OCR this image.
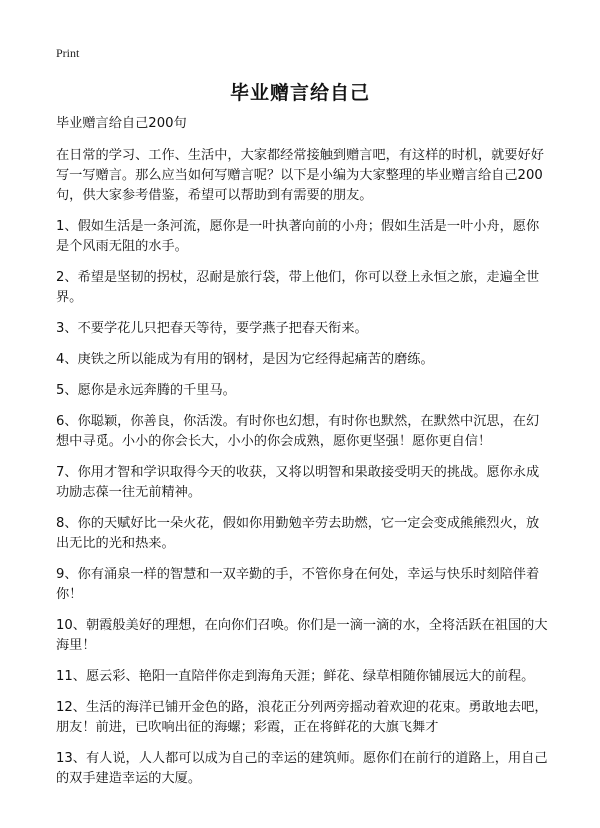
Print
毕业赠言给自己

毕业赠言给自己200句

在日常的学习、工作、生活中，大家都经常接触到赠言吧，有这样的时机，就要好好写一写赠言。那么应当如何写赠言呢？以下是小编为大家整理的毕业赠言给自己200句，供大家参考借鉴，希望可以帮助到有需要的朋友。

1、假如生活是一条河流，愿你是一叶执著向前的小舟；假如生活是一叶小舟，愿你是个风雨无阻的水手。

2、希望是坚韧的拐杖，忍耐是旅行袋，带上他们，你可以登上永恒之旅，走遍全世界。

3、不要学花儿只把春天等待，要学燕子把春天衔来。

4、庚铁之所以能成为有用的钢材，是因为它经得起痛苦的磨练。

5、愿你是永远奔腾的千里马。

6、你聪颖，你善良，你活泼。有时你也幻想，有时你也默然，在默然中沉思，在幻想中寻觅。小小的你会长大，小小的你会成熟，愿你更坚强！愿你更自信！

7、你用才智和学识取得今天的收获，又将以明智和果敢接受明天的挑战。愿你永成功励志葆一往无前精神。

8、你的天赋好比一朵火花，假如你用勤勉辛劳去助燃，它一定会变成熊熊烈火，放出无比的光和热来。

9、你有涌泉一样的智慧和一双辛勤的手，不管你身在何处，幸运与快乐时刻陪伴着你！

10、朝霞般美好的理想，在向你们召唤。你们是一滴一滴的水，全将活跃在祖国的大海里！

11、愿云彩、艳阳一直陪伴你走到海角天涯；鲜花、绿草相随你铺展远大的前程。

12、生活的海洋已铺开金色的路，浪花正分列两旁摇动着欢迎的花束。勇敢地去吧，朋友！前进，已吹响出征的海螺；彩霞，正在将鲜花的大旗飞舞才

13、有人说，人人都可以成为自己的幸运的建筑师。愿你们在前行的道路上，用自己的双手建造幸运的大厦。
